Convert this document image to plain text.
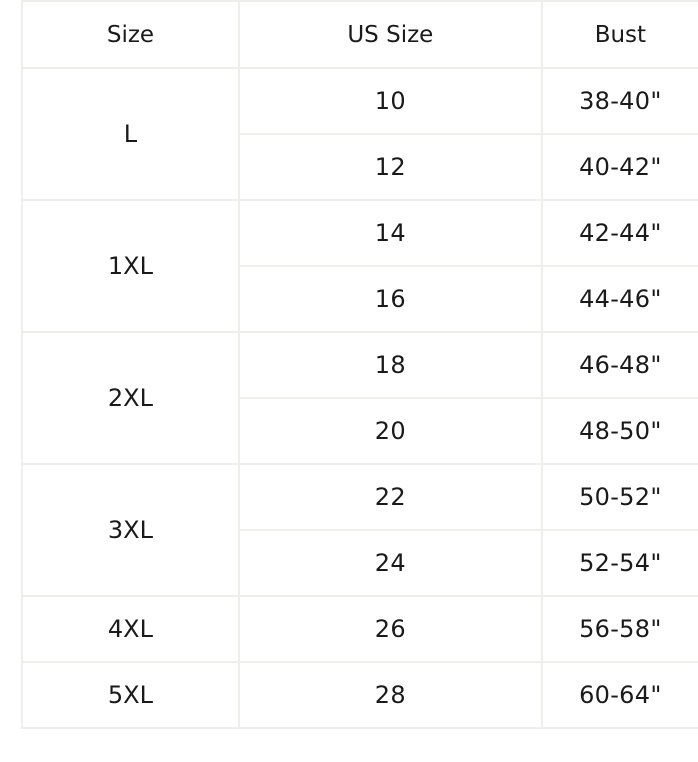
Size	US Size	Bust
L	10	38-40"
	12	40-42"
1XL	14	42-44"
	16	44-46"
2XL	18	46-48"
	20	48-50"
3XL	22	50-52"
	24	52-54"
4XL	26	56-58"
5XL	28	60-64"
